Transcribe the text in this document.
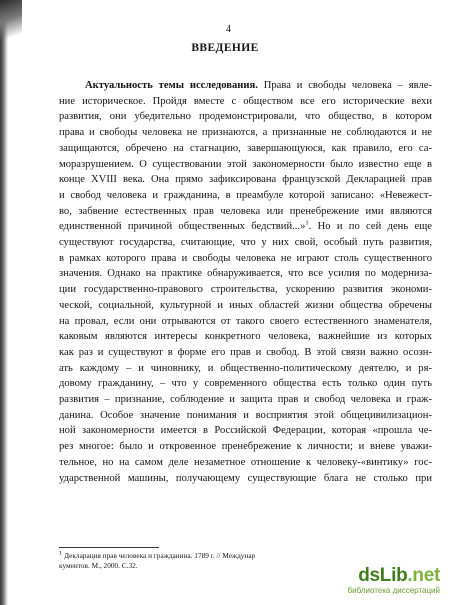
4
ВВЕДЕНИЕ
Актуальность темы исследования. Права и свободы человека – явле-
ние историческое. Пройдя вместе с обществом все его исторические вехи
развития, они убедительно продемонстрировали, что общество, в котором
права и свободы человека не признаются, а признанные не соблюдаются и не
защищаются, обречено на стагнацию, завершающуюся, как правило, его са-
моразрушением. О существовании этой закономерности было известно еще в
конце XVIII века. Она прямо зафиксирована французской Декларацией прав
и свобод человека и гражданина, в преамбуле которой записано: «Невежест-
во, забвение естественных прав человека или пренебрежение ими являются
единственной причиной общественных бедствий...»$^1$. Но и по сей день еще
существуют государства, считающие, что у них свой, особый путь развития,
в рамках которого права и свободы человека не играют столь существенного
значения. Однако на практике обнаруживается, что все усилия по модерниза-
ции государственно-правового строительства, ускорению развития экономи-
ческой, социальной, культурной и иных областей жизни общества обречены
на провал, если они отрываются от такого своего естественного знаменателя,
каковым являются интересы конкретного человека, важнейшие из которых
как раз и существуют в форме его прав и свобод. В этой связи важно осозн-
ать каждому – и чиновнику, и общественно-политическому деятелю, и ря-
довому гражданину, – что у современного общества есть только один путь
развития – признание, соблюдение и защита прав и свобод человека и граж-
данина. Особое значение понимания и восприятия этой общецивилизацион-
ной закономерности имеется в Российской Федерации, которая «прошла че-
рез многое: было и откровенное пренебрежение к личности; и вневе уважи-
тельное, но на самом деле незаметное отношение к человеку-«винтику» гос-
ударственной машины, получающему существующие блага не столько при
$^1$ Декларация прав человека и гражданина. 1789 г. // Междунар
кументов. М., 2000. С.32.	dsLib.net
библиотека диссертаций
